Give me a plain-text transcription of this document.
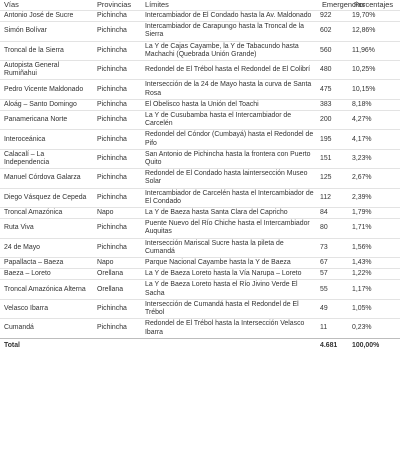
Vías	Provincias	Límites	Emergencias	Porcentajes
Antonio José de Sucre	Pichincha	Intercambiador de El Condado hasta la Av. Maldonado	922	19,70%
Simón Bolívar	Pichincha	Intercambiador de Carapungo hasta la Troncal de la Sierra	602	12,86%
Troncal de la Sierra	Pichincha	La Y de Cajas Cayambe, la Y de Tabacundo hasta Machachi (Quebrada Unión Grande)	560	11,96%
Autopista General Rumiñahui	Pichincha	Redondel de El Trébol hasta el Redondel de El Colibrí	480	10,25%
Pedro Vicente Maldonado	Pichincha	Intersección de la 24 de Mayo hasta la curva de Santa Rosa	475	10,15%
Aloág – Santo Domingo	Pichincha	El Obelisco hasta la Unión del Toachi	383	8,18%
Panamericana Norte	Pichincha	La Y de Cusubamba hasta el Intercambiador de Carcelén	200	4,27%
Interoceánica	Pichincha	Redondel del Cóndor (Cumbayá) hasta el Redondel de Pifo	195	4,17%
Calacalí – La Independencia	Pichincha	San Antonio de Pichincha hasta la frontera con Puerto Quito	151	3,23%
Manuel Córdova Galarza	Pichincha	Redondel de El Condado hasta laintersección Museo Solar	125	2,67%
Diego Vásquez de Cepeda	Pichincha	Intercambiador de Carcelén hasta el Intercambiador de El Condado	112	2,39%
Troncal Amazónica	Napo	La Y de Baeza hasta Santa Clara del Capricho	84	1,79%
Ruta Viva	Pichincha	Puente Nuevo del Río Chiche hasta el Intercambiador Auquitas	80	1,71%
24 de Mayo	Pichincha	Intersección Mariscal Sucre hasta la pileta de Cumandá	73	1,56%
Papallacta – Baeza	Napo	Parque Nacional Cayambe hasta la Y de Baeza	67	1,43%
Baeza – Loreto	Orellana	La Y de Baeza Loreto hasta la Vía Narupa – Loreto	57	1,22%
Troncal Amazónica Alterna	Orellana	La Y de Baeza Loreto hasta el Río Jivino Verde El Sacha	55	1,17%
Velasco Ibarra	Pichincha	Intersección de Cumandá hasta el Redondel de El Trébol	49	1,05%
Cumandá	Pichincha	Redondel de El Trébol hasta la Intersección Velasco Ibarra	11	0,23%
Total			4.681	100,00%
